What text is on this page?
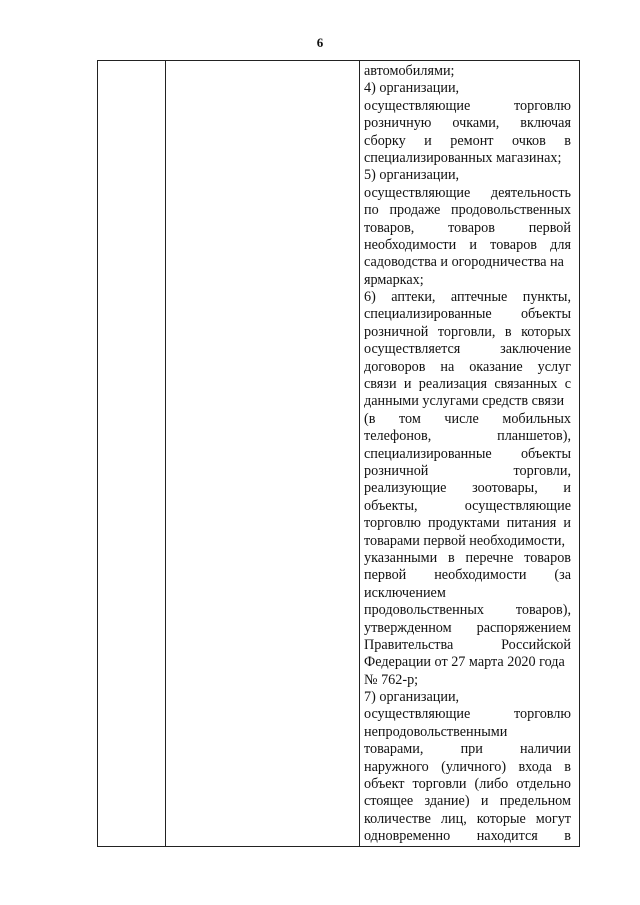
6

автомобилями;
4) организации,
осуществляющие торговлю
розничную очками, включая
сборку и ремонт очков в
специализированных магазинах;
5) организации,
осуществляющие деятельность
по продаже продовольственных
товаров, товаров первой
необходимости и товаров для
садоводства и огородничества на
ярмарках;
6) аптеки, аптечные пункты,
специализированные объекты
розничной торговли, в которых
осуществляется заключение
договоров на оказание услуг
связи и реализация связанных с
данными услугами средств связи
(в том числе мобильных
телефонов, планшетов),
специализированные объекты
розничной торговли,
реализующие зоотовары, и
объекты, осуществляющие
торговлю продуктами питания и
товарами первой необходимости,
указанными в перечне товаров
первой необходимости (за
исключением
продовольственных товаров),
утвержденном распоряжением
Правительства Российской
Федерации от 27 марта 2020 года
№ 762-р;
7) организации,
осуществляющие торговлю
непродовольственными
товарами, при наличии
наружного (уличного) входа в
объект торговли (либо отдельно
стоящее здание) и предельном
количестве лиц, которые могут
одновременно находится в
